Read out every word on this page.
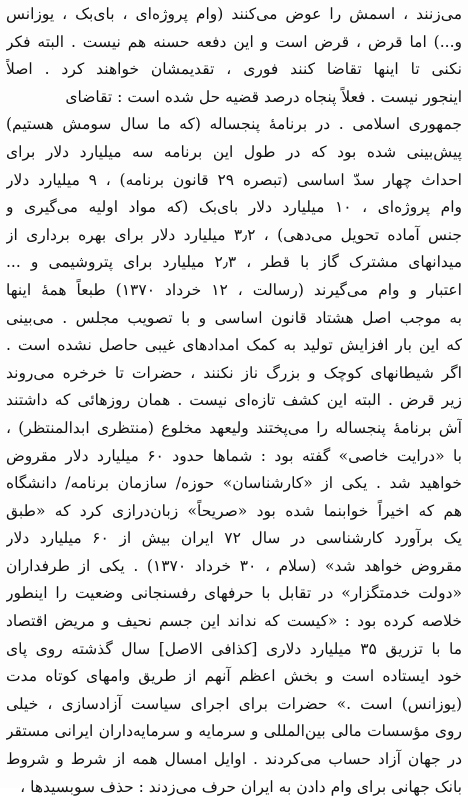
می‌زنند ، اسمش را عوض می‌کنند (وام پروژه‌ای ، بای‌بک ، یوزانس
و...) اما قرض ، قرض است و این دفعه حسنه هم نیست . البته فکر
نکنی تا اینها تقاضا کنند فوری ، تقدیمشان خواهند کرد . اصلاً
اینجور نیست . فعلاً پنجاه درصد قضیه حل شده است : تقاضای
جمهوری اسلامی . در برنامهٔ پنجساله (که ما سال سومش هستیم)
پیش‌بینی شده بود که در طول این برنامه سه میلیارد دلار برای
احداث چهار سدّ اساسی (تبصره ۲۹ قانون برنامه) ، ۹ میلیارد دلار
وام پروژه‌ای ، ۱۰ میلیارد دلار بای‌بک (که مواد اولیه می‌گیری و
جنس آماده تحویل می‌دهی) ، ۳٫۲ میلیارد دلار برای بهره برداری از
میدانهای مشترک گاز با قطر ، ۲٫۳ میلیارد برای پتروشیمی و ...
اعتبار و وام می‌گیرند (رسالت ، ۱۲ خرداد ۱۳۷۰) طبعاً همهٔ اینها
به موجب اصل هشتاد قانون اساسی و با تصویب مجلس . می‌بینی
که این بار افزایش تولید به کمک امدادهای غیبی حاصل نشده است .
اگر شیطانهای کوچک و بزرگ ناز نکنند ، حضرات تا خرخره می‌روند
زیر قرض . البته این کشف تازه‌ای نیست . همان روزهائی که داشتند
آش برنامهٔ پنجساله را می‌پختند ولیعهد مخلوع (منتظری ابدالمنتظر) ،
با «درایت خاصی» گفته بود : شماها حدود ۶۰ میلیارد دلار مقروض
خواهید شد . یکی از «کارشناسان» حوزه/ سازمان برنامه/ دانشگاه
هم که اخیراً خوابنما شده بود «صریحاً» زبان‌درازی کرد که «طبق
یک برآورد کارشناسی در سال ۷۲ ایران بیش از ۶۰ میلیارد دلار
مقروض خواهد شد» (سلام ، ۳۰ خرداد ۱۳۷۰) . یکی از طرفداران
«دولت خدمتگزار» در تقابل با حرفهای رفسنجانی وضعیت را اینطور
خلاصه کرده بود : «کیست که نداند این جسم نحیف و مریض اقتصاد
ما با تزریق ۳۵ میلیارد دلاری [کذافی الاصل] سال گذشته روی پای
خود ایستاده است و بخش اعظم آنهم از طریق وامهای کوتاه مدت
(یوزانس) است .» حضرات برای اجرای سیاست آزادسازی ، خیلی
روی مؤسسات مالی بین‌المللی و سرمایه و سرمایه‌داران ایرانی مستقر
در جهان آزاد حساب می‌کردند . اوایل امسال همه از شرط و شروط
بانک جهانی برای وام دادن به ایران حرف می‌زدند : حذف سوبسیدها ،
